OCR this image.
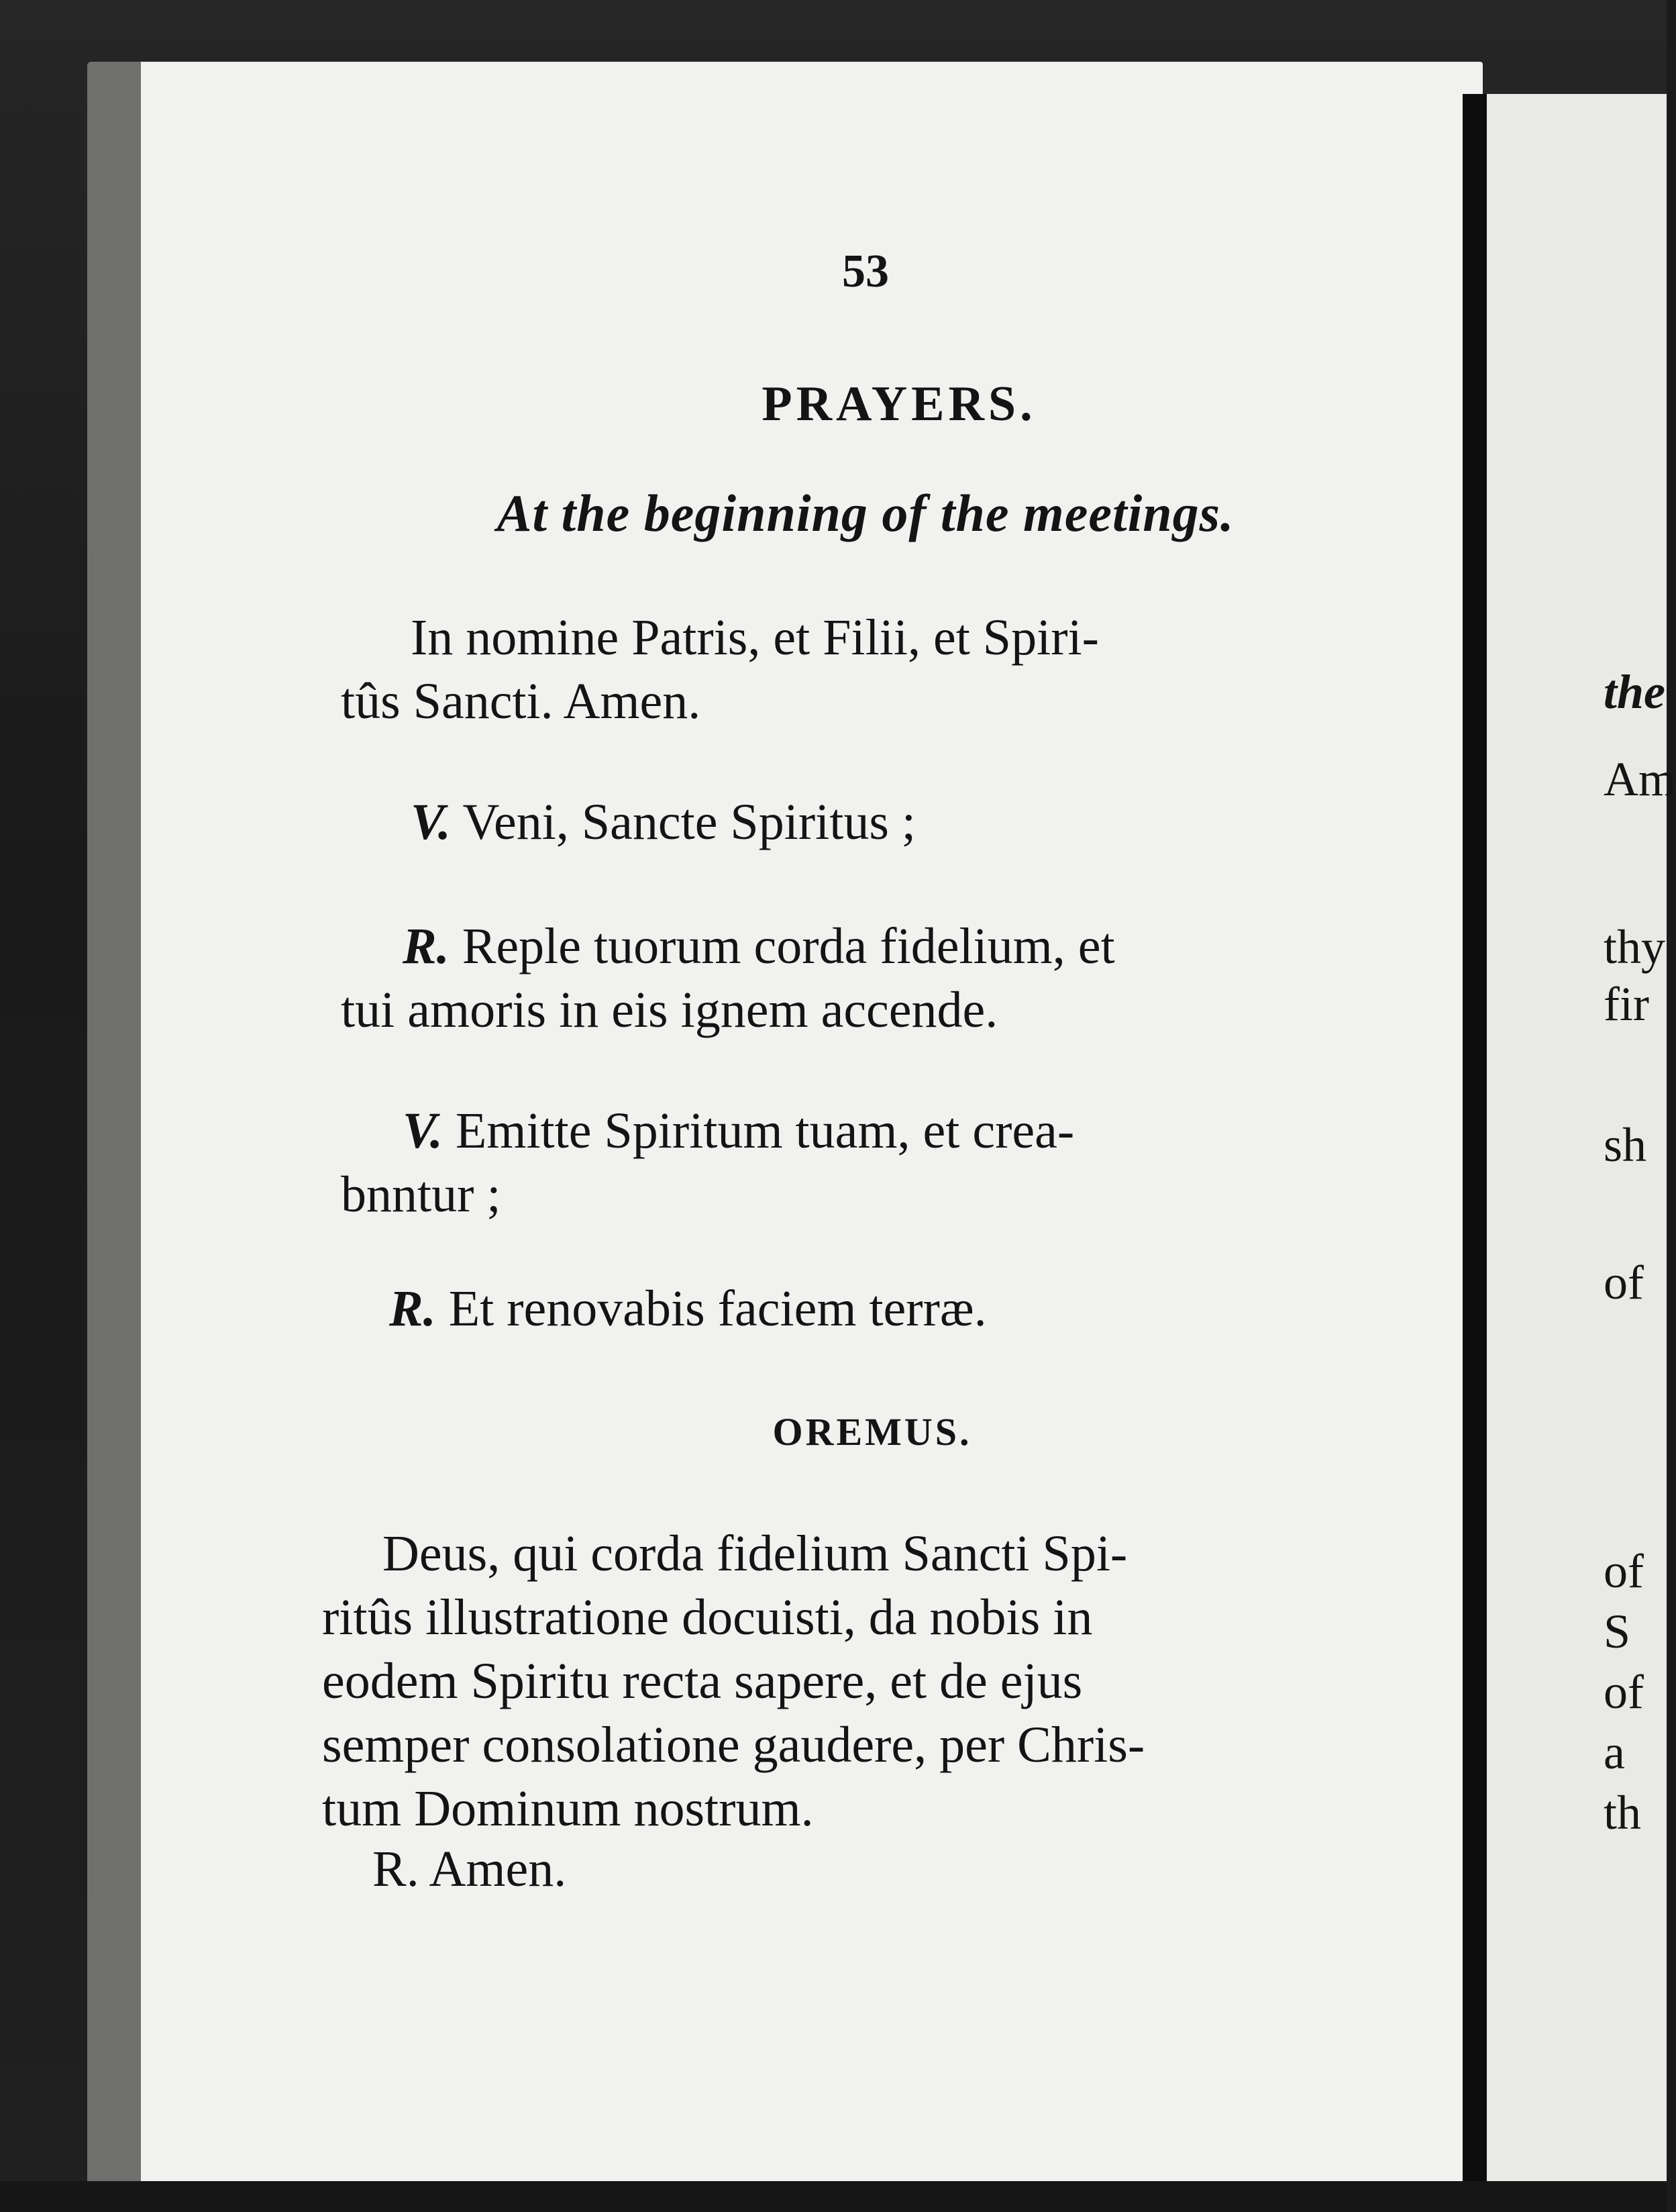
53
PRAYERS.
At the beginning of the meetings.
In nomine Patris, et Filii, et Spiri-
tûs Sancti. Amen.
V. Veni, Sancte Spiritus ;
R. Reple tuorum corda fidelium, et
tui amoris in eis ignem accende.
V. Emitte Spiritum tuam, et crea-
bnntur ;
R. Et renovabis faciem terræ.
OREMUS.
Deus, qui corda fidelium Sancti Spi-
ritûs illustratione docuisti, da nobis in
eodem Spiritu recta sapere, et de ejus
semper consolatione gaudere, per Chris-
tum Dominum nostrum.
R. Amen.
the
Am
thy
fir
sh
of
of
S
of
a
th
